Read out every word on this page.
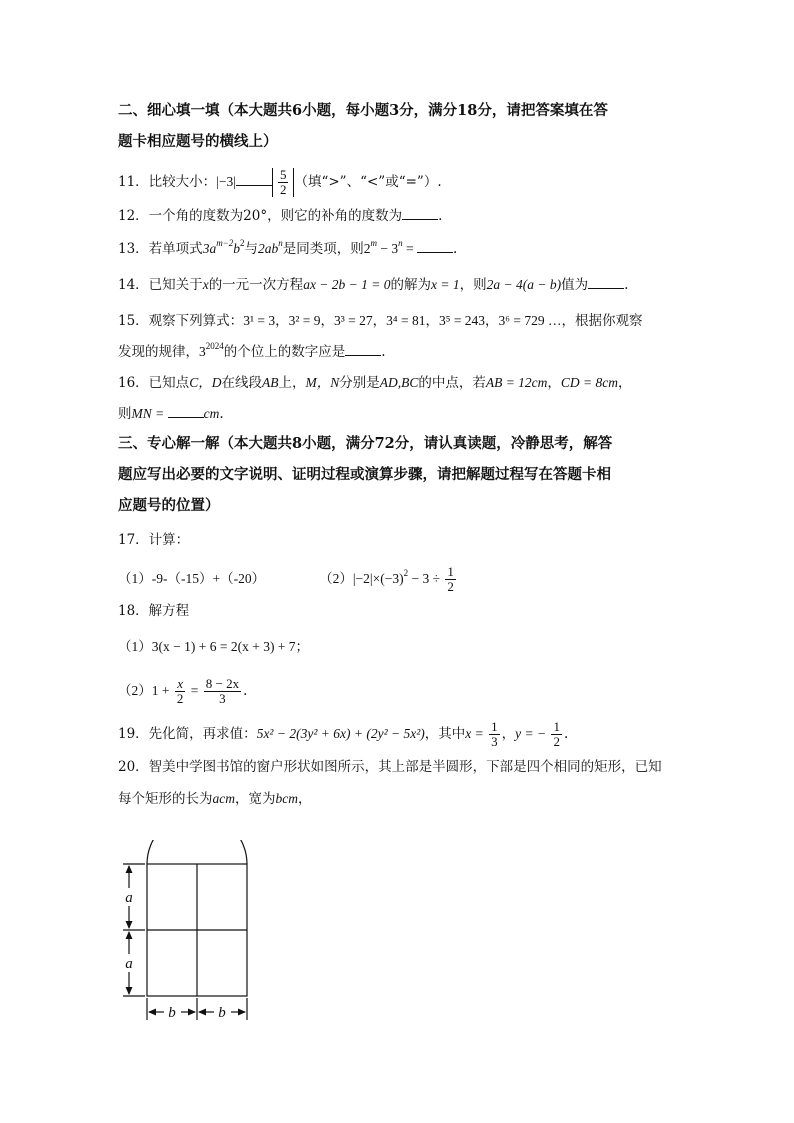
二、细心填一填（本大题共6小题，每小题3分，满分18分，请把答案填在答
题卡相应题号的横线上）
11．比较大小：|−3|	$\frac{5}{2}$ （填“>”、“<”或“=”）.
12．一个角的度数为20°，则它的补角的度数为	.
13．若单项式$3a^{m-2}b^2$与$2ab^n$是同类项，则$2^m - 3^n$ =	.
14．已知关于x的一元一次方程ax − 2b − 1 = 0的解为x = 1，则2a − 4(a − b)值为	.
15．观察下列算式：3¹ = 3，3² = 9，3³ = 27，3⁴ = 81，3⁵ = 243，3⁶ = 729 …，根据你观察
发现的规律，$3^{2024}$的个位上的数字应是	.
16．已知点C，D在线段AB上，M，N分别是AD,BC的中点，若AB = 12cm，CD = 8cm，
则MN =	cm.
三、专心解一解（本大题共8小题，满分72分，请认真读题，冷静思考，解答
题应写出必要的文字说明、证明过程或演算步骤，请把解题过程写在答题卡相
应题号的位置）
17．计算：
（1）-9-（-15）+（-20）	$(2)|-2|\times(-3)^2 - 3 \div \frac{1}{2}$
18．解方程
（1）3(x − 1) + 6 = 2(x + 3) + 7；
$(2)1 + \frac{x}{2} = \frac{8 - 2x}{3}$ .
19．先化简，再求值：5x² − 2(3y² + 6x) + (2y² − 5x²)，其中$x = \frac{1}{3}$ ，y = − $\frac{1}{2}$ .
20．智美中学图书馆的窗户形状如图所示，其上部是半圆形，下部是四个相同的矩形，已知
每个矩形的长为acm，宽为bcm，
a
a
b	b
